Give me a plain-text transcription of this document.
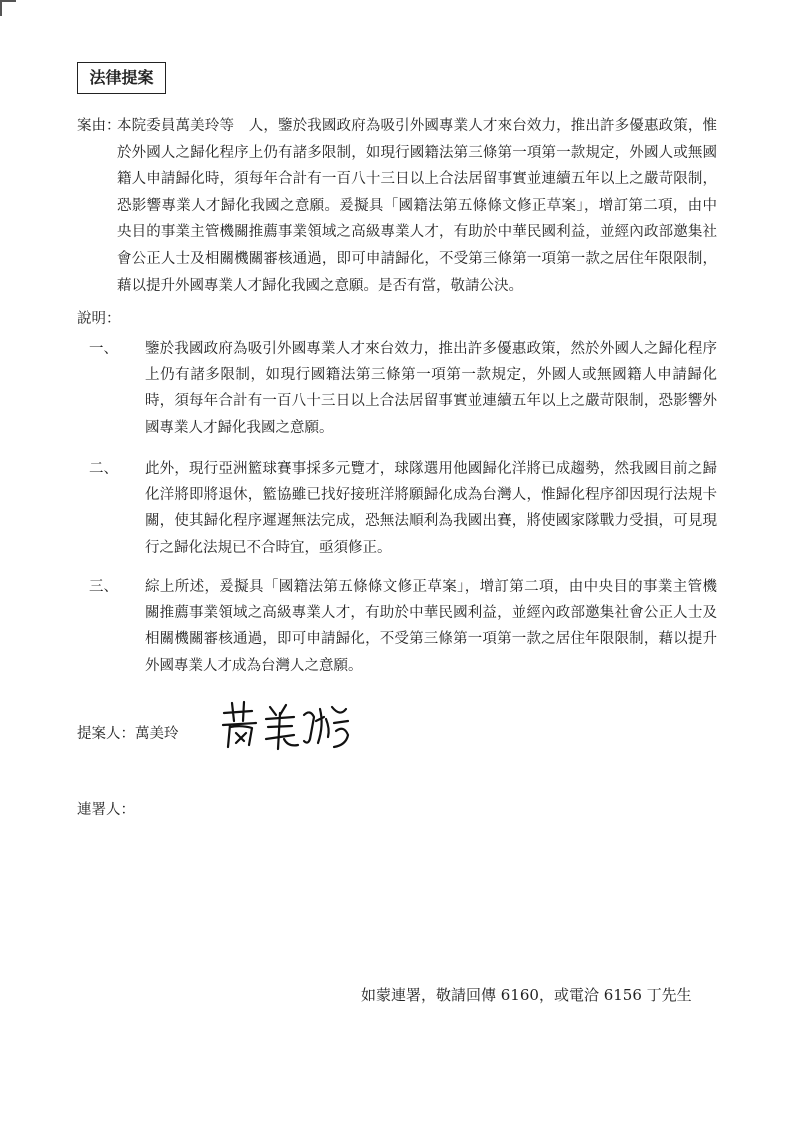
法律提案
案由：
本院委員萬美玲等　人，鑒於我國政府為吸引外國專業人才來台效力，推出許多優惠政策，惟於外國人之歸化程序上仍有諸多限制，如現行國籍法第三條第一項第一款規定，外國人或無國籍人申請歸化時，須每年合計有一百八十三日以上合法居留事實並連續五年以上之嚴苛限制，恐影響專業人才歸化我國之意願。爰擬具「國籍法第五條條文修正草案」，增訂第二項，由中央目的事業主管機關推薦事業領域之高級專業人才，有助於中華民國利益，並經內政部邀集社會公正人士及相關機關審核通過，即可申請歸化，不受第三條第一項第一款之居住年限限制，藉以提升外國專業人才歸化我國之意願。是否有當，敬請公決。
說明：
一、 鑒於我國政府為吸引外國專業人才來台效力，推出許多優惠政策，然於外國人之歸化程序上仍有諸多限制，如現行國籍法第三條第一項第一款規定，外國人或無國籍人申請歸化時，須每年合計有一百八十三日以上合法居留事實並連續五年以上之嚴苛限制，恐影響外國專業人才歸化我國之意願。
二、 此外，現行亞洲籃球賽事採多元覽才，球隊選用他國歸化洋將已成趨勢，然我國目前之歸化洋將即將退休，籃協雖已找好接班洋將願歸化成為台灣人，惟歸化程序卻因現行法規卡關，使其歸化程序遲遲無法完成，恐無法順利為我國出賽，將使國家隊戰力受損，可見現行之歸化法規已不合時宜，亟須修正。
三、 綜上所述，爰擬具「國籍法第五條條文修正草案」，增訂第二項，由中央目的事業主管機關推薦事業領域之高級專業人才，有助於中華民國利益，並經內政部邀集社會公正人士及相關機關審核通過，即可申請歸化，不受第三條第一項第一款之居住年限限制，藉以提升外國專業人才成為台灣人之意願。
提案人：萬美玲
連署人：
如蒙連署，敬請回傳 6160，或電洽 6156 丁先生
